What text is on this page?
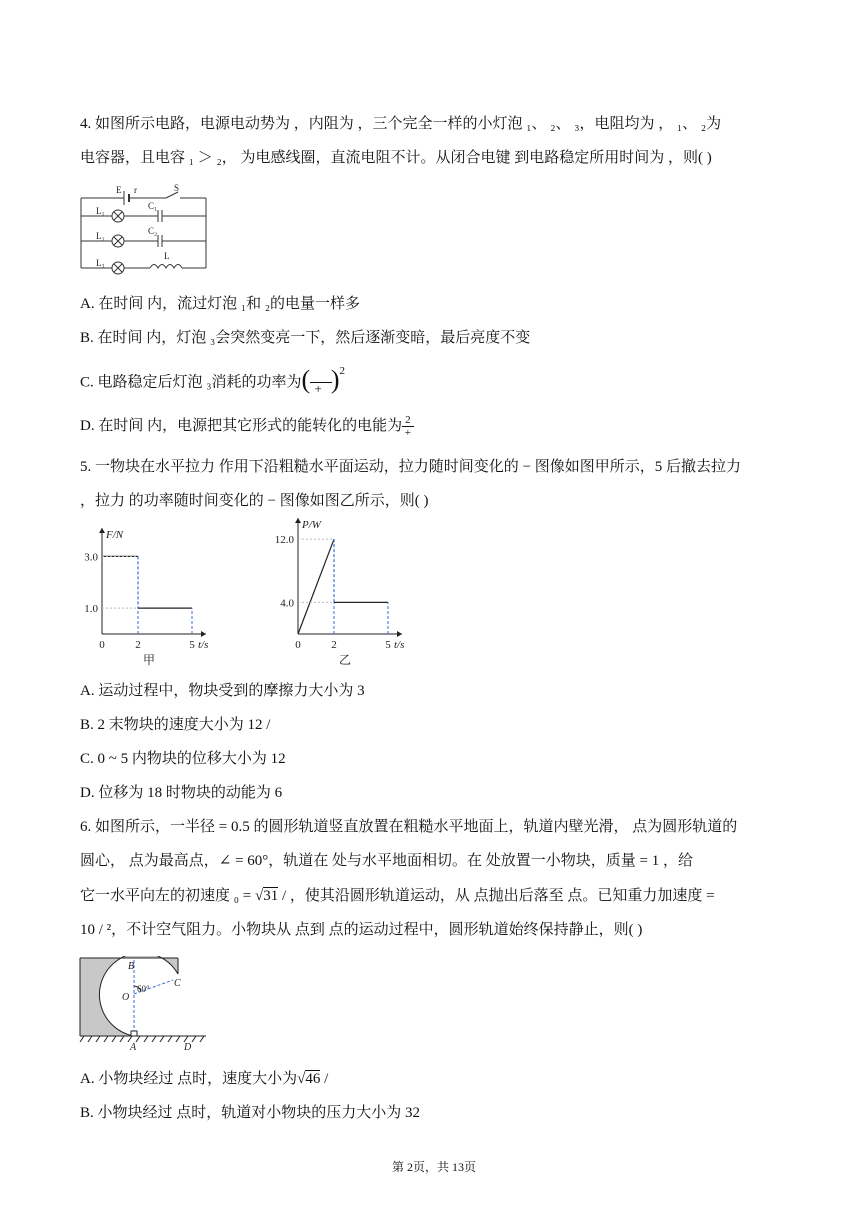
4. 如图所示电路，电源电动势为 ，内阻为 ，三个完全一样的小灯泡 ₁、 ₂、 ₃，电阻均为 ， ₁、 ₂为
电容器，且电容 ₁ ＞ ₂， 为电感线圈，直流电阻不计。从闭合电键 到电路稳定所用时间为 ，则( )
E r	S
L₁
L₂
L₃
C₁
C₂
L
A. 在时间 内，流过灯泡 ₁和 ₂的电量一样多
B. 在时间 内，灯泡 ₃会突然变亮一下，然后逐渐变暗，最后亮度不变
C. 电路稳定后灯泡 ₃消耗的功率为 ( + ) $^2$
D. 在时间 内，电源把其它形式的能转化的电能为 2
+
5. 一物块在水平拉力 作用下沿粗糙水平面运动，拉力随时间变化的 − 图像如图甲所示，5 后撤去拉力
，拉力 的功率随时间变化的 − 图像如图乙所示，则( )
1.0
3.0
0	2	5
F/N
t/s
甲
4.0
12.0
0	2	5
P/W
t/s
乙
A. 运动过程中，物块受到的摩擦力大小为 3
B. 2 末物块的速度大小为 12 /
C. 0 ~ 5 内物块的位移大小为 12
D. 位移为 18 时物块的动能为 6
6. 如图所示，一半径 = 0.5 的圆形轨道竖直放置在粗糙水平地面上，轨道内壁光滑， 点为圆形轨道的
圆心， 点为最高点，∠ = 60°，轨道在 处与水平地面相切。在 处放置一小物块，质量 = 1 ，给
它一水平向左的初速度 ₀ = √31 / ，使其沿圆形轨道运动，从 点抛出后落至 点。已知重力加速度 =
10 / ²，不计空气阻力。小物块从 点到 点的运动过程中，圆形轨道始终保持静止，则( )
B
O
C
A	D
60°
A. 小物块经过 点时，速度大小为√46 /
B. 小物块经过 点时，轨道对小物块的压力大小为 32
第 2页，共 13页
